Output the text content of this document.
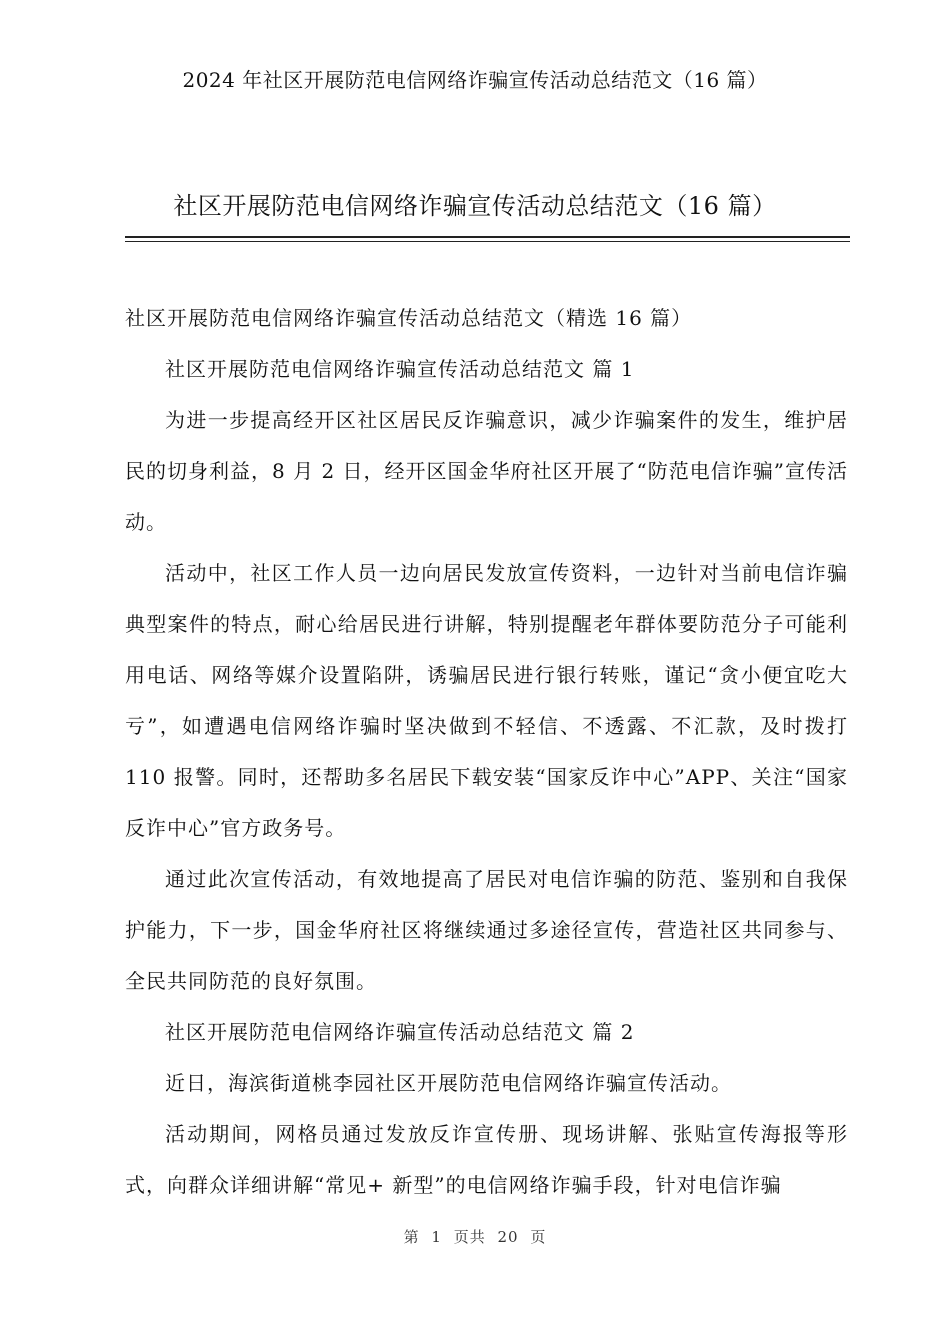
2024 年社区开展防范电信网络诈骗宣传活动总结范文（16 篇）
社区开展防范电信网络诈骗宣传活动总结范文（16 篇）

社区开展防范电信网络诈骗宣传活动总结范文（精选 16 篇）

社区开展防范电信网络诈骗宣传活动总结范文 篇 1

为进一步提高经开区社区居民反诈骗意识，减少诈骗案件的发生，维护居民的切身利益，8 月 2 日，经开区国金华府社区开展了“防范电信诈骗”宣传活动。

活动中，社区工作人员一边向居民发放宣传资料，一边针对当前电信诈骗典型案件的特点，耐心给居民进行讲解，特别提醒老年群体要防范分子可能利用电话、网络等媒介设置陷阱，诱骗居民进行银行转账，谨记“贪小便宜吃大亏”，如遭遇电信网络诈骗时坚决做到不轻信、不透露、不汇款，及时拨打 110 报警。同时，还帮助多名居民下载安装“国家反诈中心”APP、关注“国家反诈中心”官方政务号。

通过此次宣传活动，有效地提高了居民对电信诈骗的防范、鉴别和自我保护能力，下一步，国金华府社区将继续通过多途径宣传，营造社区共同参与、全民共同防范的良好氛围。

社区开展防范电信网络诈骗宣传活动总结范文 篇 2

近日，海滨街道桃李园社区开展防范电信网络诈骗宣传活动。

活动期间，网格员通过发放反诈宣传册、现场讲解、张贴宣传海报等形式，向群众详细讲解“常见+ 新型”的电信网络诈骗手段，针对电信诈骗

第 1 页共 20 页
